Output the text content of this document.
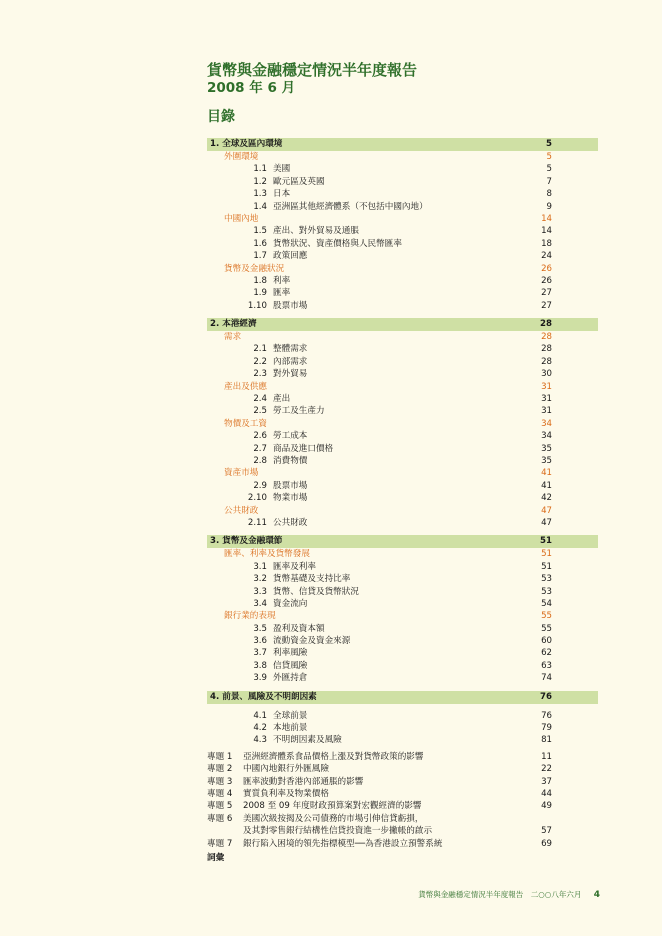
貨幣與金融穩定情況半年度報告
2008 年 6 月
目錄
1. 全球及區內環境	5
外圍環境	5
1.1 美國	5
1.2 歐元區及英國	7
1.3 日本	8
1.4 亞洲區其他經濟體系（不包括中國內地）	9
中國內地	14
1.5 產出、對外貿易及通脹	14
1.6 貨幣狀況、資產價格與人民幣匯率	18
1.7 政策回應	24
貨幣及金融狀況	26
1.8 利率	26
1.9 匯率	27
1.10 股票市場	27
2. 本港經濟	28
需求	28
2.1 整體需求	28
2.2 內部需求	28
2.3 對外貿易	30
產出及供應	31
2.4 產出	31
2.5 勞工及生產力	31
物價及工資	34
2.6 勞工成本	34
2.7 商品及進口價格	35
2.8 消費物價	35
資產市場	41
2.9 股票市場	41
2.10 物業市場	42
公共財政	47
2.11 公共財政	47
3. 貨幣及金融環節	51
匯率、利率及貨幣發展	51
3.1 匯率及利率	51
3.2 貨幣基礎及支持比率	53
3.3 貨幣、信貸及貨幣狀況	53
3.4 資金流向	54
銀行業的表現	55
3.5 盈利及資本額	55
3.6 流動資金及資金來源	60
3.7 利率風險	62
3.8 信貸風險	63
3.9 外匯持倉	74
4. 前景、風險及不明朗因素	76
4.1 全球前景	76
4.2 本地前景	79
4.3 不明朗因素及風險	81
專題 1 亞洲經濟體系食品價格上漲及對貨幣政策的影響	11
專題 2 中國內地銀行外匯風險	22
專題 3 匯率波動對香港內部通脹的影響	37
專題 4 實質負利率及物業價格	44
專題 5 2008 至 09 年度財政預算案對宏觀經濟的影響	49
專題 6 美國次級按揭及公司債務的市場引伸信貸虧損，
及其對零售銀行結構性信貸投資進一步撇帳的啟示	57
專題 7 銀行陷入困境的領先指標模型──為香港設立預警系統	69
詞彙
貨幣與金融穩定情況半年度報告　二○○八年六月 4
